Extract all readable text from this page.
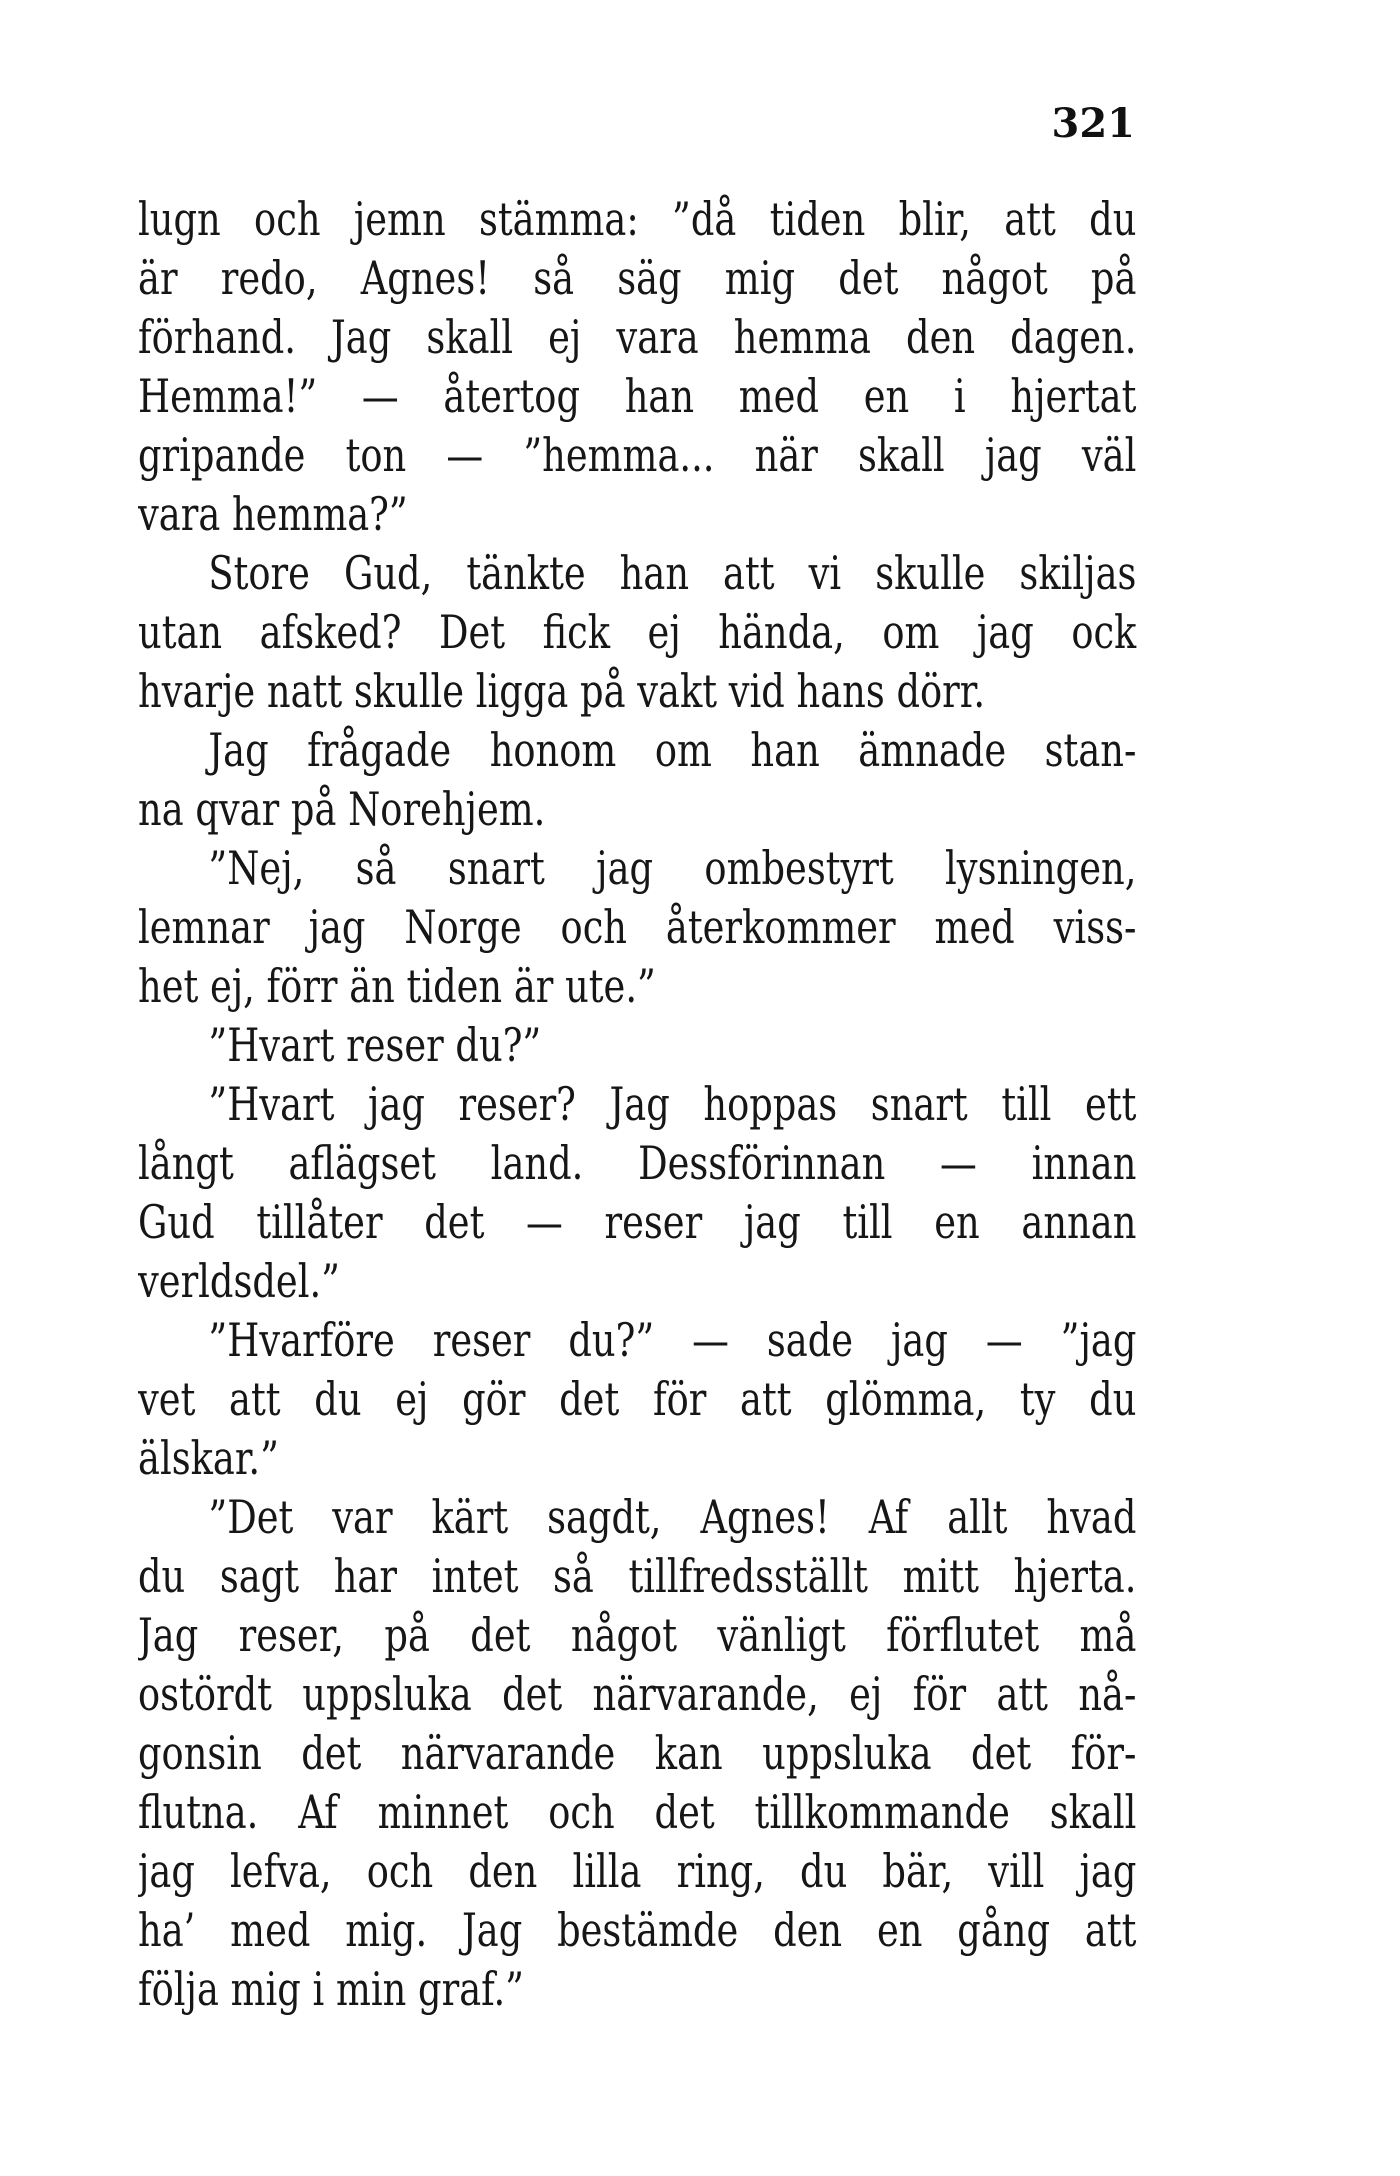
321
lugn och jemn stämma: ”då tiden blir, att du
är redo, Agnes! så säg mig det något på
förhand. Jag skall ej vara hemma den dagen.
Hemma!” — återtog han med en i hjertat
gripande ton — ”hemma... när skall jag väl
vara hemma?”
Store Gud, tänkte han att vi skulle skiljas
utan afsked? Det fick ej hända, om jag ock
hvarje natt skulle ligga på vakt vid hans dörr.
Jag frågade honom om han ämnade stan-
na qvar på Norehjem.
”Nej, så snart jag ombestyrt lysningen,
lemnar jag Norge och återkommer med viss-
het ej, förr än tiden är ute.”
”Hvart reser du?”
”Hvart jag reser? Jag hoppas snart till ett
långt aflägset land. Dessförinnan — innan
Gud tillåter det — reser jag till en annan
verldsdel.”
”Hvarföre reser du?” — sade jag — ”jag
vet att du ej gör det för att glömma, ty du
älskar.”
”Det var kärt sagdt, Agnes! Af allt hvad
du sagt har intet så tillfredsställt mitt hjerta.
Jag reser, på det något vänligt förflutet må
ostördt uppsluka det närvarande, ej för att nå-
gonsin det närvarande kan uppsluka det för-
flutna. Af minnet och det tillkommande skall
jag lefva, och den lilla ring, du bär, vill jag
ha’ med mig. Jag bestämde den en gång att
följa mig i min graf.”
